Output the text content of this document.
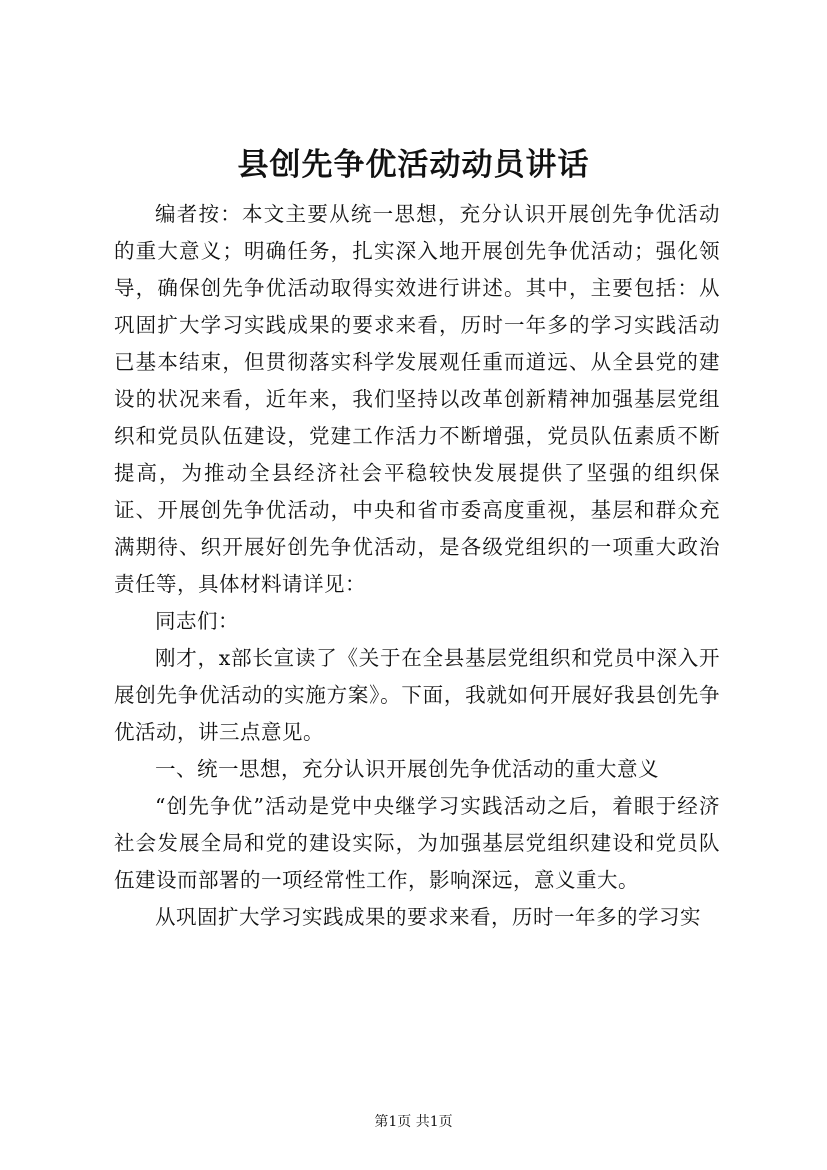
县创先争优活动动员讲话

编者按：本文主要从统一思想，充分认识开展创先争优活动的重大意义；明确任务，扎实深入地开展创先争优活动；强化领导，确保创先争优活动取得实效进行讲述。其中，主要包括：从巩固扩大学习实践成果的要求来看，历时一年多的学习实践活动已基本结束，但贯彻落实科学发展观任重而道远、从全县党的建设的状况来看，近年来，我们坚持以改革创新精神加强基层党组织和党员队伍建设，党建工作活力不断增强，党员队伍素质不断提高，为推动全县经济社会平稳较快发展提供了坚强的组织保证、开展创先争优活动，中央和省市委高度重视，基层和群众充满期待、织开展好创先争优活动，是各级党组织的一项重大政治责任等，具体材料请详见：

同志们：

刚才，x部长宣读了《关于在全县基层党组织和党员中深入开展创先争优活动的实施方案》。下面，我就如何开展好我县创先争优活动，讲三点意见。

一、统一思想，充分认识开展创先争优活动的重大意义

“创先争优”活动是党中央继学习实践活动之后，着眼于经济社会发展全局和党的建设实际，为加强基层党组织建设和党员队伍建设而部署的一项经常性工作，影响深远，意义重大。

从巩固扩大学习实践成果的要求来看，历时一年多的学习实

第1页 共1页
